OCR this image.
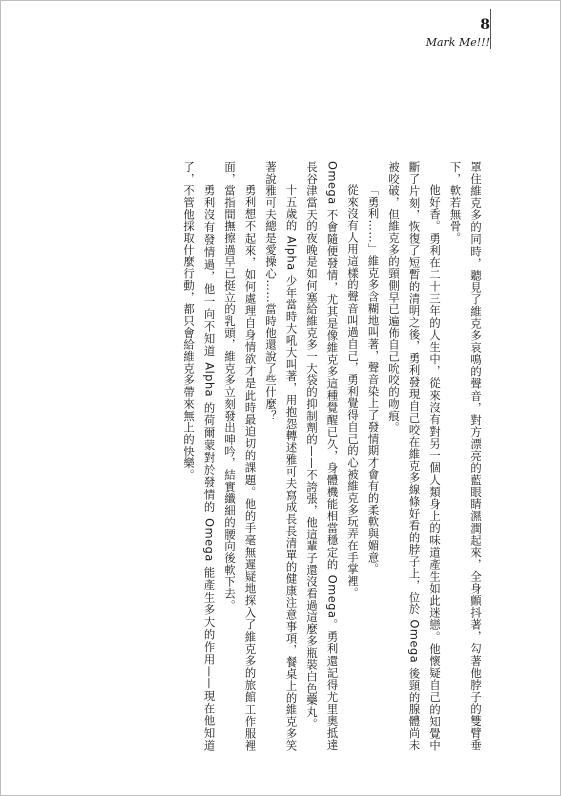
8
Mark Me!!!

罩住維克多的同時，聽見了維克多哀鳴的聲音，對方漂亮的藍眼睛濕潤起來，全身顫抖著，勾著他脖子的雙臂垂下，軟若無骨。

他好香。勇利在二十三年的人生中，從來沒有對另一個人類身上的味道產生如此迷戀。他懷疑自己的知覺中斷了片刻，恢復了短暫的清明之後，勇利發現自己咬在維克多線條好看的脖子上，位於 Omega 後頸的腺體尚未被咬破，但維克多的頸側早已遍佈自己吮咬的吻痕。

「勇利……」維克多含糊地叫著，聲音染上了發情期才會有的柔軟與媚意。

從來沒有人用這樣的聲音叫過自己，勇利覺得自己的心被維克多玩弄在手掌裡。

Omega 不會隨便發情，尤其是像維克多這種覺醒已久，身體機能相當穩定的 Omega。勇利還記得尤里奧抵達長谷津當天的夜晚是如何塞給維克多一大袋的抑制劑的——不誇張，他這輩子還沒看過這麼多瓶裝白色藥丸。

十五歲的 Alpha 少年當時大吼大叫著，用抱怨轉述雅可夫寫成長長清單的健康注意事項，餐桌上的維克多笑著說雅可夫總是愛操心……當時他還說了些什麼？

勇利想不起來，如何處理自身情欲才是此時最迫切的課題。他的手毫無遲疑地探入了維克多的旅館工作服裡面，當指間撫擦過早已挺立的乳頭，維克多立刻發出呻吟，結實纖細的腰向後軟下去。

勇利沒有發情過，他一向不知道 Alpha 的荷爾蒙對於發情的 Omega 能產生多大的作用——現在他知道了，不管他採取什麼行動，都只會給維克多帶來無上的快樂。
